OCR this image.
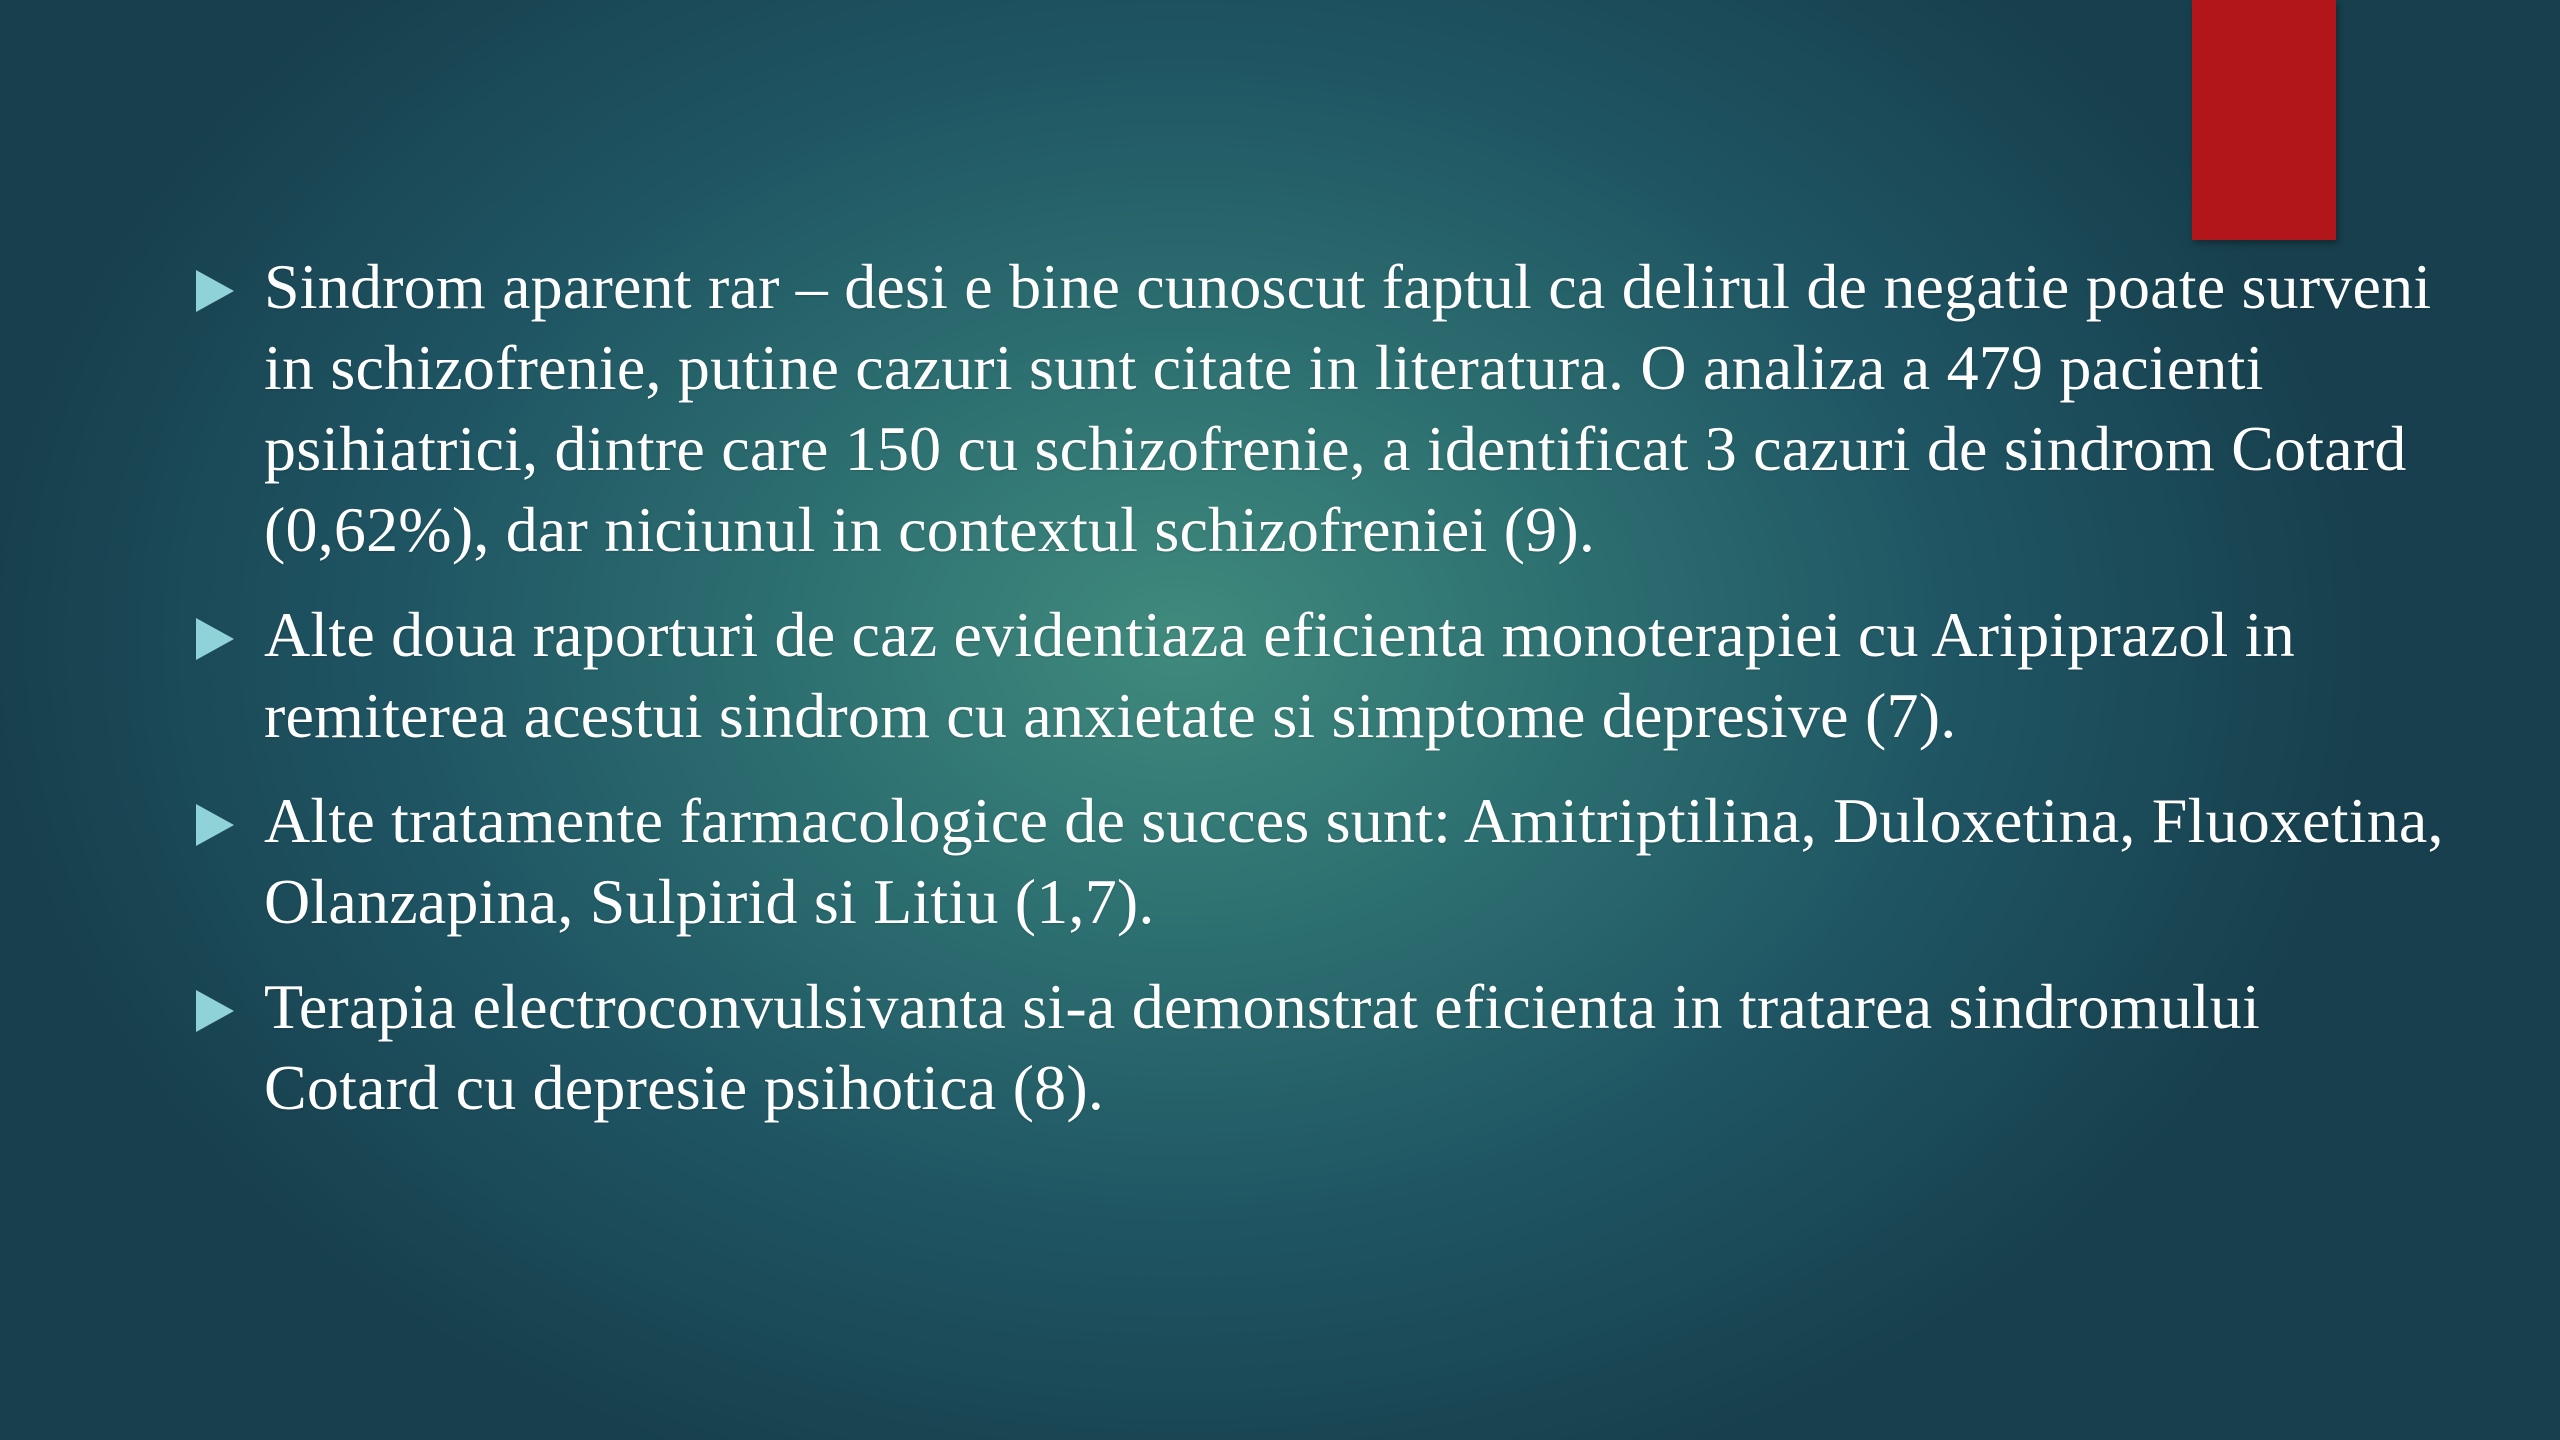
Sindrom aparent rar – desi e bine cunoscut faptul ca delirul de negatie poate surveni in schizofrenie, putine cazuri sunt citate in literatura. O analiza a 479 pacienti psihiatrici, dintre care 150 cu schizofrenie, a identificat 3 cazuri de sindrom Cotard (0,62%), dar niciunul in contextul schizofreniei (9).
Alte doua raporturi de caz evidentiaza eficienta monoterapiei cu Aripiprazol in remiterea acestui sindrom cu anxietate si simptome depresive (7).
Alte tratamente farmacologice de succes sunt: Amitriptilina, Duloxetina, Fluoxetina, Olanzapina, Sulpirid si Litiu (1,7).
Terapia electroconvulsivanta si-a demonstrat eficienta in tratarea sindromului Cotard cu depresie psihotica (8).
